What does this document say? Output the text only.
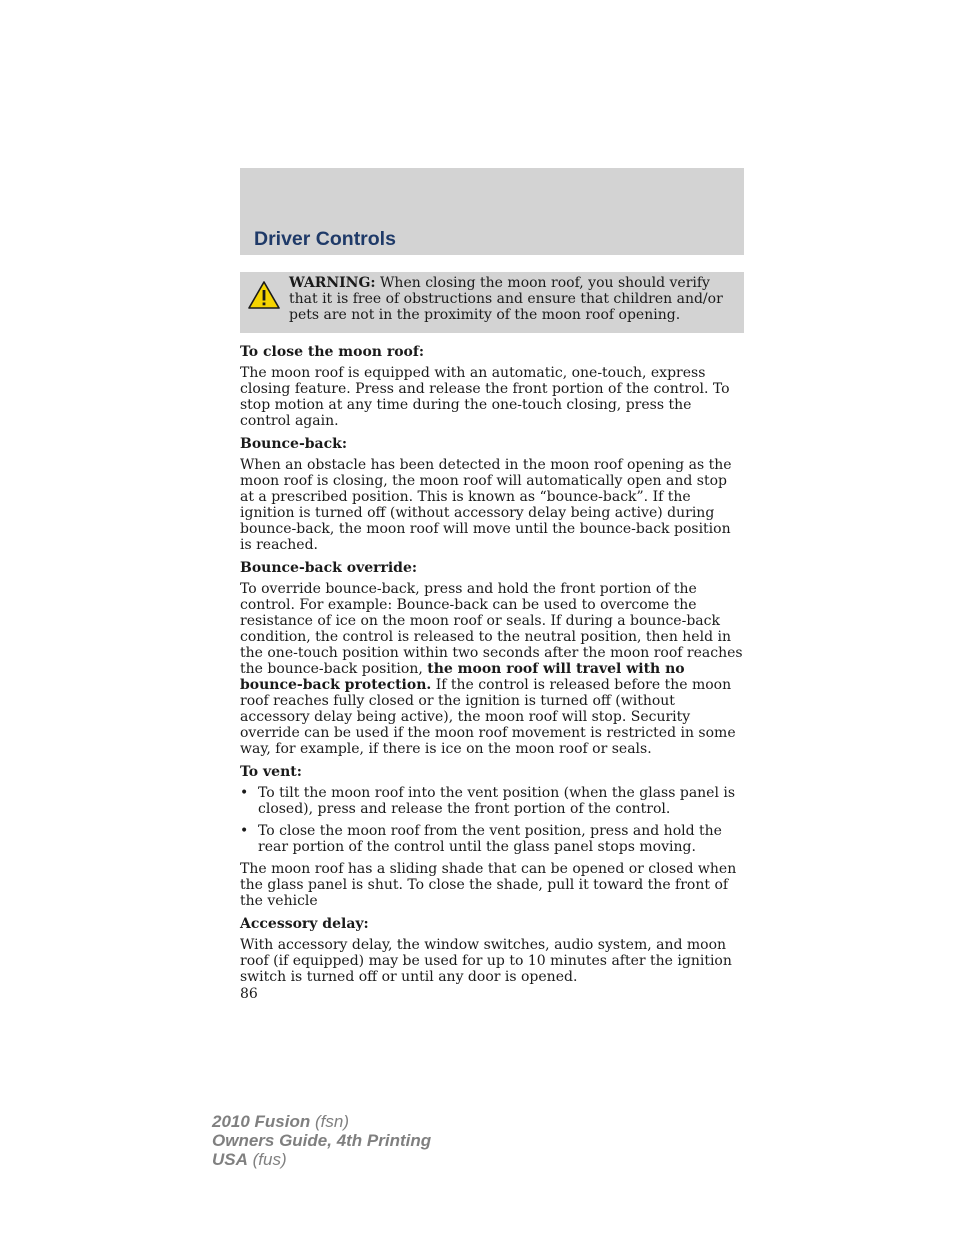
Driver Controls
WARNING: When closing the moon roof, you should verify that it is free of obstructions and ensure that children and/or pets are not in the proximity of the moon roof opening.
To close the moon roof:

The moon roof is equipped with an automatic, one-touch, express closing feature. Press and release the front portion of the control. To stop motion at any time during the one-touch closing, press the control again.

Bounce-back:

When an obstacle has been detected in the moon roof opening as the moon roof is closing, the moon roof will automatically open and stop at a prescribed position. This is known as “bounce-back”. If the ignition is turned off (without accessory delay being active) during bounce-back, the moon roof will move until the bounce-back position is reached.

Bounce-back override:

To override bounce-back, press and hold the front portion of the control. For example: Bounce-back can be used to overcome the resistance of ice on the moon roof or seals. If during a bounce-back condition, the control is released to the neutral position, then held in the one-touch position within two seconds after the moon roof reaches the bounce-back position, the moon roof will travel with no bounce-back protection. If the control is released before the moon roof reaches fully closed or the ignition is turned off (without accessory delay being active), the moon roof will stop. Security override can be used if the moon roof movement is restricted in some way, for example, if there is ice on the moon roof or seals.

To vent:
• To tilt the moon roof into the vent position (when the glass panel is closed), press and release the front portion of the control.
• To close the moon roof from the vent position, press and hold the rear portion of the control until the glass panel stops moving.

The moon roof has a sliding shade that can be opened or closed when the glass panel is shut. To close the shade, pull it toward the front of the vehicle

Accessory delay:

With accessory delay, the window switches, audio system, and moon roof (if equipped) may be used for up to 10 minutes after the ignition switch is turned off or until any door is opened.

86
2010 Fusion (fsn)
Owners Guide, 4th Printing
USA (fus)
